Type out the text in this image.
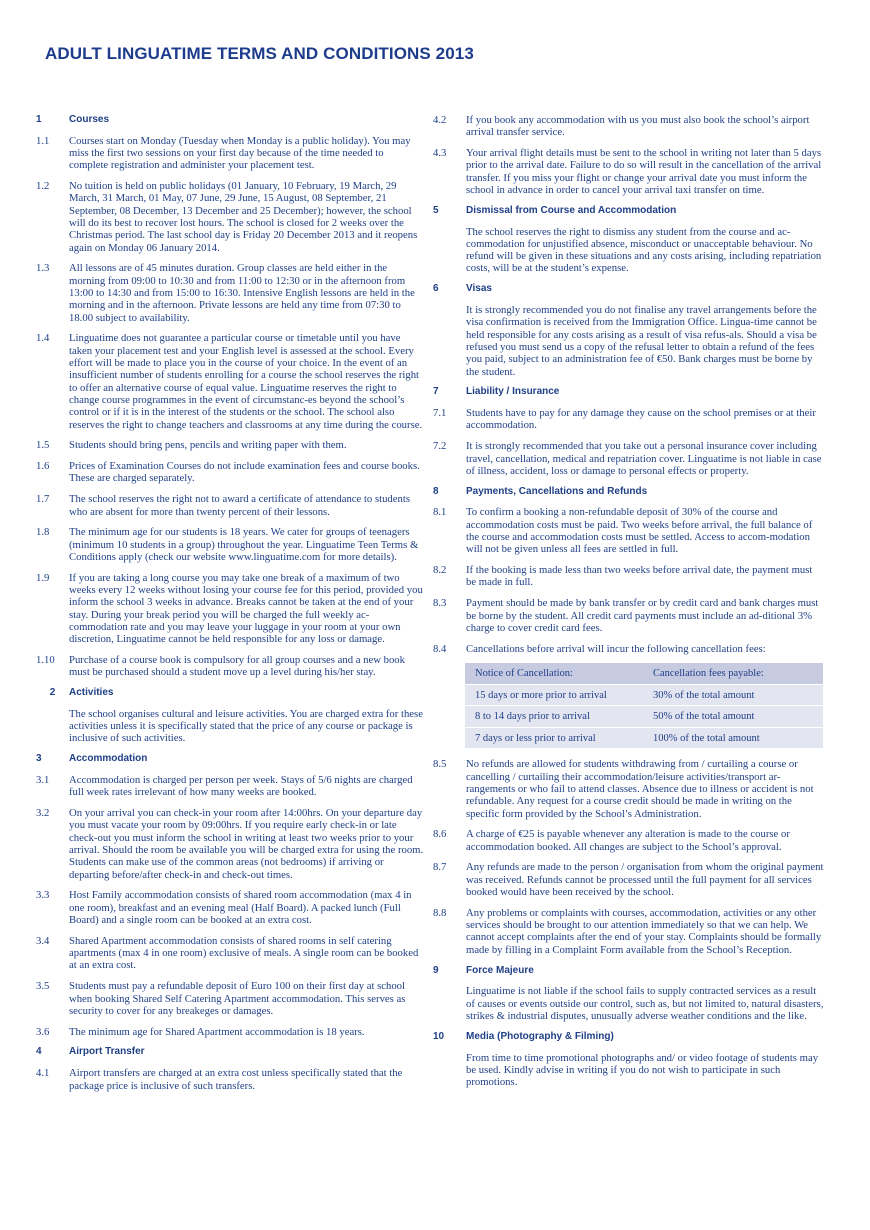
ADULT LINGUATIME TERMS AND CONDITIONS 2013
1	Courses
1.1	Courses start on Monday (Tuesday when Monday is a public holiday). You may miss the first two sessions on your first day because of the time needed to complete registration and administer your placement test.
1.2	No tuition is held on public holidays (01 January, 10 February, 19 March, 29 March, 31 March, 01 May, 07 June, 29 June, 15 August, 08 September, 21 September, 08 December, 13 December and 25 December); however, the school will do its best to recover lost hours. The school is closed for 2 weeks over the Christmas period. The last school day is Friday 20 December 2013 and it reopens again on Monday 06 January 2014.
1.3	All lessons are of 45 minutes duration. Group classes are held either in the morning from 09:00 to 10:30 and from 11:00 to 12:30 or in the afternoon from 13:00 to 14:30 and from 15:00 to 16:30. Intensive English lessons are held in the morning and in the afternoon. Private lessons are held any time from 07:30 to 18.00 subject to availability.
1.4	Linguatime does not guarantee a particular course or timetable until you have taken your placement test and your English level is assessed at the school. Every effort will be made to place you in the course of your choice. In the event of an insufficient number of students enrolling for a course the school reserves the right to offer an alternative course of equal value. Linguatime reserves the right to change course programmes in the event of circumstanc-es beyond the school’s control or if it is in the interest of the students or the school. The school also reserves the right to change teachers and classrooms at any time during the course.
1.5	Students should bring pens, pencils and writing paper with them.
1.6	Prices of Examination Courses do not include examination fees and course books. These are charged separately.
1.7	The school reserves the right not to award a certificate of attendance to students who are absent for more than twenty percent of their lessons.
1.8	The minimum age for our students is 18 years. We cater for groups of teenagers (minimum 10 students in a group) throughout the year. Linguatime Teen Terms & Conditions apply (check our website www.linguatime.com for more details).
1.9	If you are taking a long course you may take one break of a maximum of two weeks every 12 weeks without losing your course fee for this period, provided you inform the school 3 weeks in advance. Breaks cannot be taken at the end of your stay. During your break period you will be charged the full weekly ac-commodation rate and you may leave your luggage in your room at your own discretion, Linguatime cannot be held responsible for any loss or damage.
1.10	Purchase of a course book is compulsory for all group courses and a new book must be purchased should a student move up a level during his/her stay.
2	Activities
The school organises cultural and leisure activities. You are charged extra for these activities unless it is specifically stated that the price of any course or package is inclusive of such activities.
3	Accommodation
3.1	Accommodation is charged per person per week. Stays of 5/6 nights are charged full week rates irrelevant of how many weeks are booked.
3.2	On your arrival you can check-in your room after 14:00hrs. On your departure day you must vacate your room by 09:00hrs. If you require early check-in or late check-out you must inform the school in writing at least two weeks prior to your arrival. Should the room be available you will be charged extra for using the room. Students can make use of the common areas (not bedrooms) if arriving or departing before/after check-in and check-out times.
3.3	Host Family accommodation consists of shared room accommodation (max 4 in one room), breakfast and an evening meal (Half Board). A packed lunch (Full Board) and a single room can be booked at an extra cost.
3.4	Shared Apartment accommodation consists of shared rooms in self catering apartments (max 4 in one room) exclusive of meals. A single room can be booked at an extra cost.
3.5	Students must pay a refundable deposit of Euro 100 on their first day at school when booking Shared Self Catering Apartment accommodation. This serves as security to cover for any breakeges or damages.
3.6	The minimum age for Shared Apartment accommodation is 18 years.
4	Airport Transfer
4.1	Airport transfers are charged at an extra cost unless specifically stated that the package price is inclusive of such transfers.
4.2	If you book any accommodation with us you must also book the school’s airport arrival transfer service.
4.3	Your arrival flight details must be sent to the school in writing not later than 5 days prior to the arrival date. Failure to do so will result in the cancellation of the arrival transfer. If you miss your flight or change your arrival date you must inform the school in advance in order to cancel your arrival taxi transfer on time.
5	Dismissal from Course and Accommodation
The school reserves the right to dismiss any student from the course and ac-commodation for unjustified absence, misconduct or unacceptable behaviour. No refund will be given in these situations and any costs arising, including repatriation costs, will be at the student’s expense.
6	Visas
It is strongly recommended you do not finalise any travel arrangements before the visa confirmation is received from the Immigration Office. Lingua-time cannot be held responsible for any costs arising as a result of visa refus-als. Should a visa be refused you must send us a copy of the refusal letter to obtain a refund of the fees you paid, subject to an administration fee of €50. Bank charges must be borne by the student.
7	Liability / Insurance
7.1	Students have to pay for any damage they cause on the school premises or at their accommodation.
7.2	It is strongly recommended that you take out a personal insurance cover including travel, cancellation, medical and repatriation cover. Linguatime is not liable in case of illness, accident, loss or damage to personal effects or property.
8	Payments, Cancellations and Refunds
8.1	To confirm a booking a non-refundable deposit of 30% of the course and accommodation costs must be paid. Two weeks before arrival, the full balance of the course and accommodation costs must be settled. Access to accom-modation will not be given unless all fees are settled in full.
8.2	If the booking is made less than two weeks before arrival date, the payment must be made in full.
8.3	Payment should be made by bank transfer or by credit card and bank charges must be borne by the student. All credit card payments must include an ad-ditional 3% charge to cover credit card fees.
8.4	Cancellations before arrival will incur the following cancellation fees:
Notice of Cancellation:	Cancellation fees payable:
15 days or more prior to arrival	30% of the total amount
8 to 14 days prior to arrival	50% of the total amount
7 days or less prior to arrival	100% of the total amount
8.5	No refunds are allowed for students withdrawing from / curtailing a course or cancelling / curtailing their accommodation/leisure activities/transport ar-rangements or who fail to attend classes. Absence due to illness or accident is not refundable. Any request for a course credit should be made in writing on the specific form provided by the School’s Administration.
8.6	A charge of €25 is payable whenever any alteration is made to the course or accommodation booked. All changes are subject to the School’s approval.
8.7	Any refunds are made to the person / organisation from whom the original payment was received. Refunds cannot be processed until the full payment for all services booked would have been received by the school.
8.8	Any problems or complaints with courses, accommodation, activities or any other services should be brought to our attention immediately so that we can help. We cannot accept complaints after the end of your stay. Complaints should be formally made by filling in a Complaint Form available from the School’s Reception.
9	Force Majeure
Linguatime is not liable if the school fails to supply contracted services as a result of causes or events outside our control, such as, but not limited to, natural disasters, strikes & industrial disputes, unusually adverse weather conditions and the like.
10	Media (Photography & Filming)
From time to time promotional photographs and/ or video footage of students may be used. Kindly advise in writing if you do not wish to participate in such promotions.
